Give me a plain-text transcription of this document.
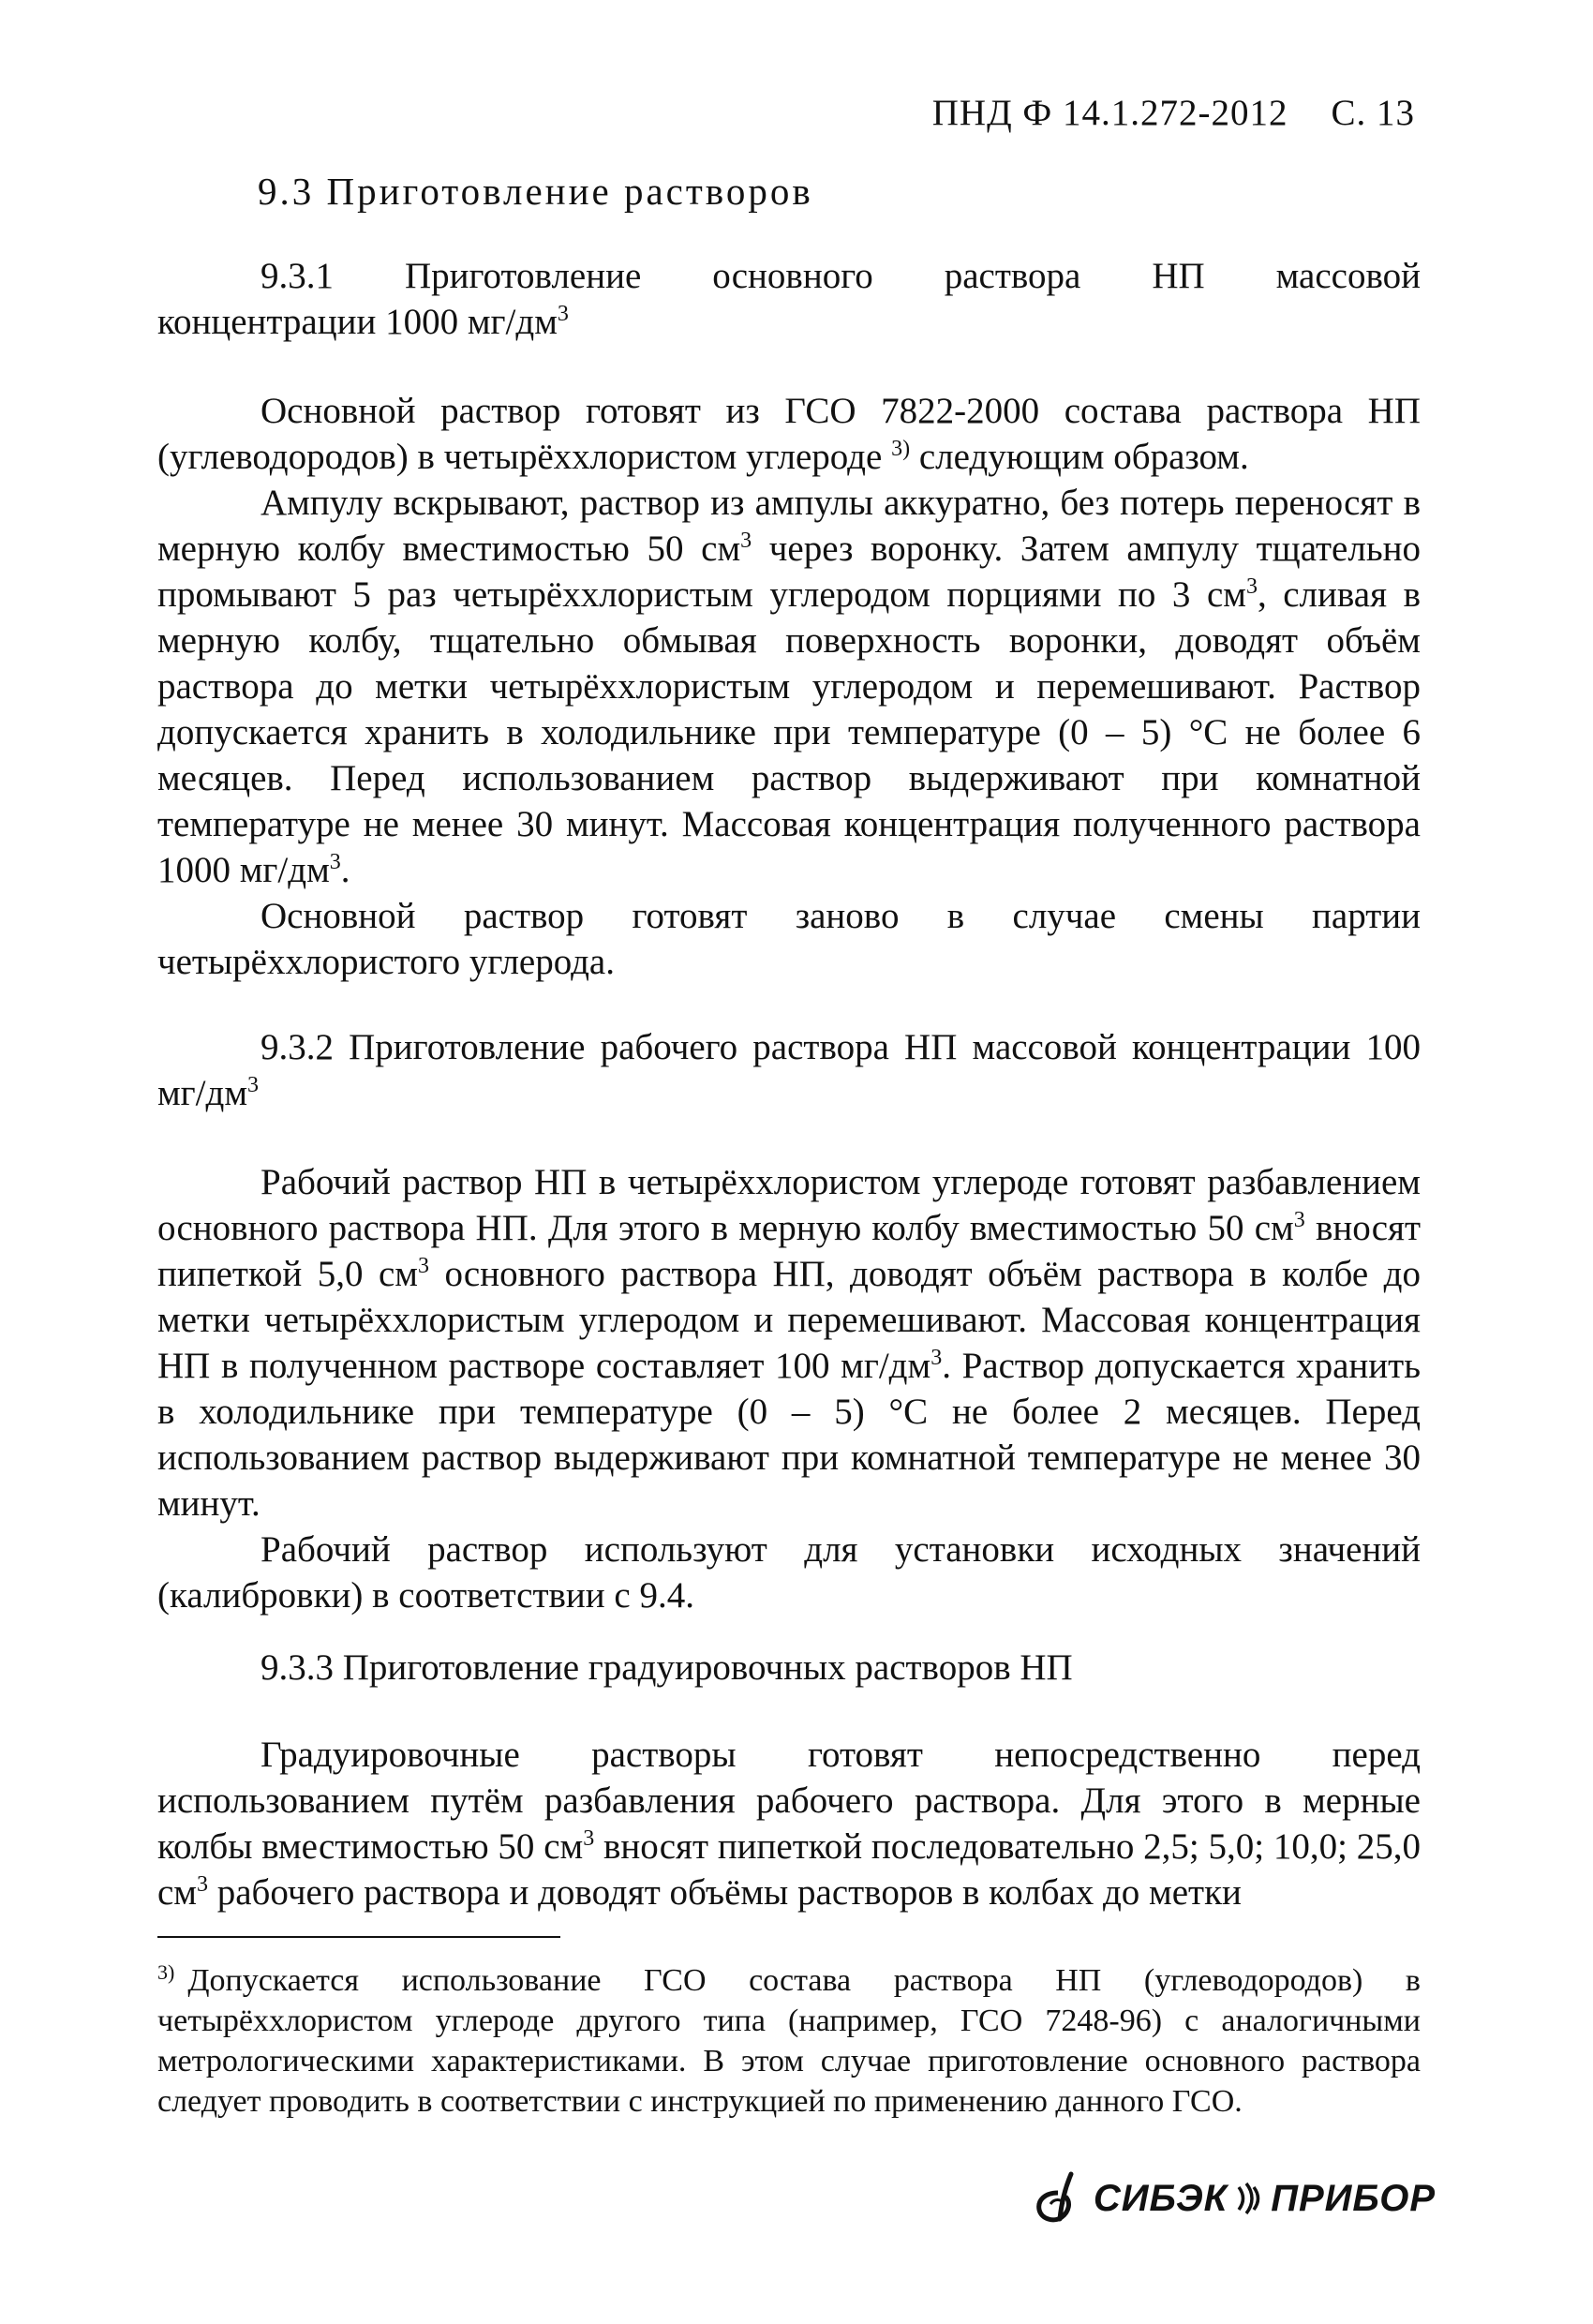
ПНД Ф 14.1.272-2012 С. 13
9.3 Приготовление растворов

9.3.1 Приготовление основного раствора НП массовой

концентрации 1000 $мг/дм^3$

Основной раствор готовят из ГСО 7822-2000 состава раствора НП (углеводородов) в четырёххлористом углероде $^{3)}$ следующим образом.

Ампулу вскрывают, раствор из ампулы аккуратно, без потерь переносят в мерную колбу вместимостью 50 $см^3$ через воронку. Затем ампулу тщательно промывают 5 раз четырёххлористым углеродом порциями по 3 $см^3$, сливая в мерную колбу, тщательно обмывая поверхность воронки, доводят объём раствора до метки четырёххлористым углеродом и перемешивают. Раствор допускается хранить в холодильнике при температуре (0 – 5) °С не более 6 месяцев. Перед использованием раствор выдерживают при комнатной температуре не менее 30 минут. Массовая концентрация полученного раствора 1000 $мг/дм^3$.

Основной раствор готовят заново в случае смены партии четырёххлористого углерода.

9.3.2 Приготовление рабочего раствора НП массовой концентрации 100 $мг/дм^3$

Рабочий раствор НП в четырёххлористом углероде готовят разбавлением основного раствора НП. Для этого в мерную колбу вместимостью 50 $см^3$ вносят пипеткой 5,0 $см^3$ основного раствора НП, доводят объём раствора в колбе до метки четырёххлористым углеродом и перемешивают. Массовая концентрация НП в полученном растворе составляет 100 $мг/дм^3$. Раствор допускается хранить в холодильнике при температуре (0 – 5) °С не более 2 месяцев. Перед использованием раствор выдерживают при комнатной температуре не менее 30 минут.

Рабочий раствор используют для установки исходных значений (калибровки) в соответствии с 9.4.

9.3.3 Приготовление градуировочных растворов НП

Градуировочные растворы готовят непосредственно перед использованием путём разбавления рабочего раствора. Для этого в мерные колбы вместимостью 50 $см^3$ вносят пипеткой последовательно 2,5; 5,0; 10,0; 25,0 $см^3$ рабочего раствора и доводят объёмы растворов в колбах до метки

$^{3)}$ Допускается использование ГСО состава раствора НП (углеводородов) в четырёххлористом углероде другого типа (например, ГСО 7248-96) с аналогичными метрологическими характеристиками. В этом случае приготовление основного раствора следует проводить в соответствии с инструкцией по применению данного ГСО.
СИБЭК ПРИБОР
